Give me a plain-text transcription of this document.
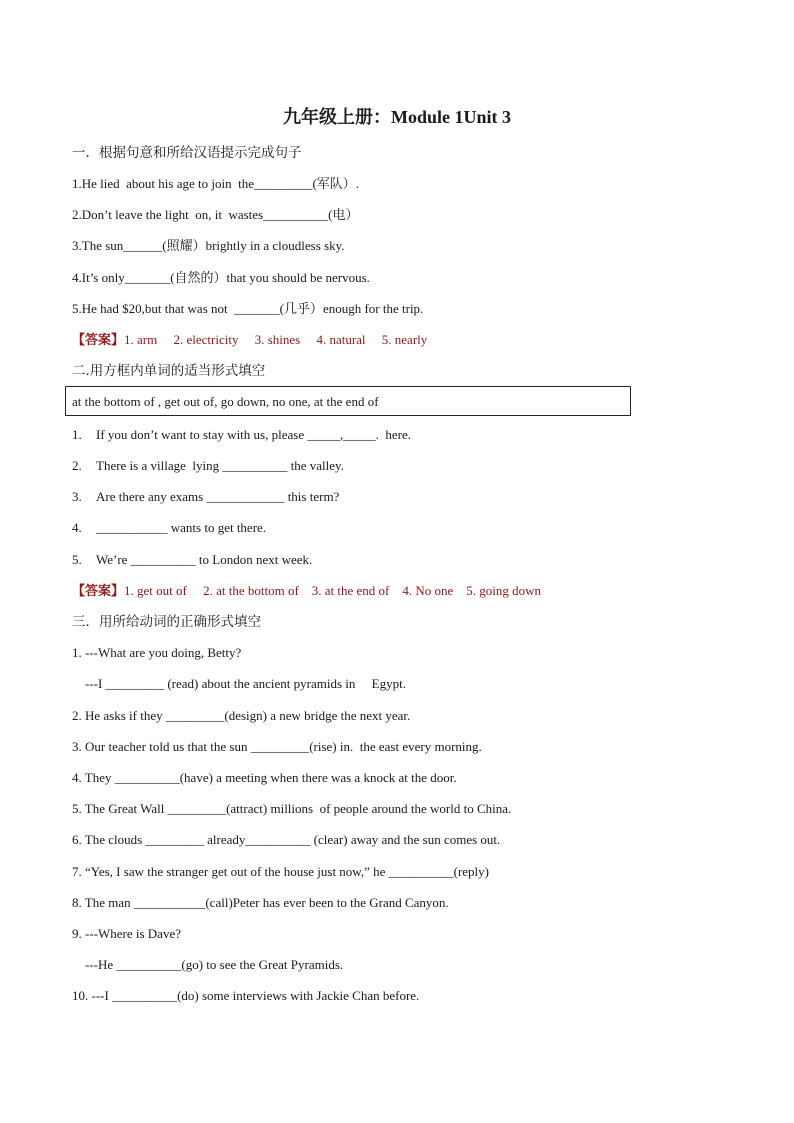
九年级上册：Module 1Unit 3
一．根据句意和所给汉语提示完成句子
1.He lied  about his age to join  the_________(军队）.
2.Don’t leave the light  on, it  wastes__________(电）
3.The sun______(照耀）brightly in a cloudless sky.
4.It’s only_______(自然的）that you should be nervous.
5.He had $20,but that was not  _______(几乎）enough for the trip.
【答案】1. arm     2. electricity     3. shines     4. natural     5. nearly
二.用方框内单词的适当形式填空
at the bottom of , get out of, go down, no one, at the end of
1. If you don’t want to stay with us, please _____,_____.  here.
2. There is a village  lying __________ the valley.
3. Are there any exams ____________ this term?
4. ___________ wants to get there.
5. We’re __________ to London next week.
【答案】1. get out of     2. at the bottom of    3. at the end of    4. No one    5. going down
三．用所给动词的正确形式填空
1. ---What are you doing, Betty?
---I _________ (read) about the ancient pyramids in     Egypt.
2. He asks if they _________(design) a new bridge the next year.
3. Our teacher told us that the sun _________(rise) in.  the east every morning.
4. They __________(have) a meeting when there was a knock at the door.
5. The Great Wall _________(attract) millions  of people around the world to China.
6. The clouds _________ already__________ (clear) away and the sun comes out.
7. “Yes, I saw the stranger get out of the house just now,” he __________(reply)
8. The man ___________(call)Peter has ever been to the Grand Canyon.
9. ---Where is Dave?
---He __________(go) to see the Great Pyramids.
10. ---I __________(do) some interviews with Jackie Chan before.
